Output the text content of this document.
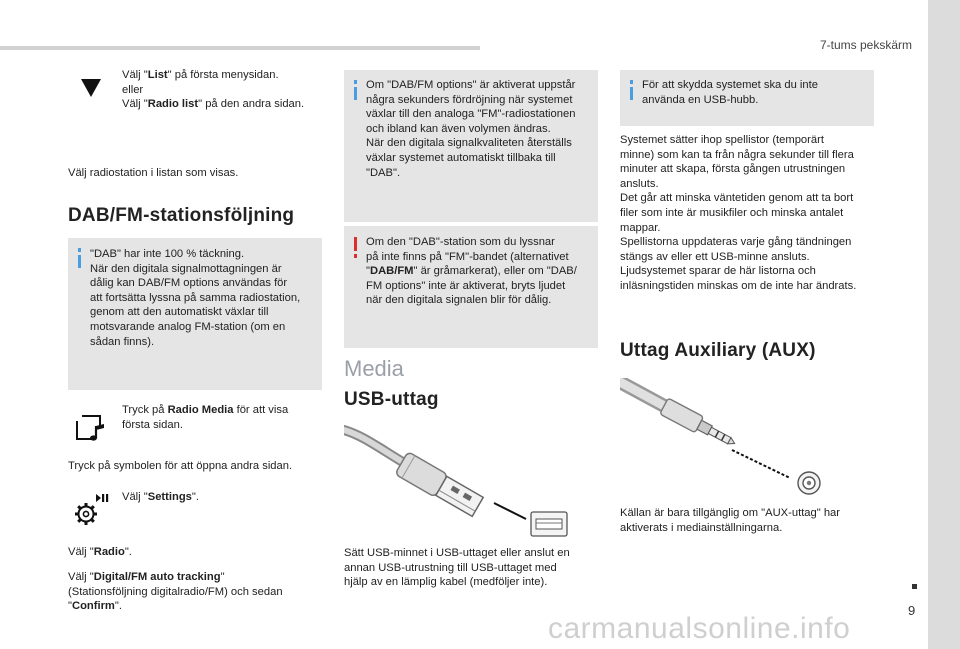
7-tums pekskärm
9
Välj "List" på första menysidan.
eller
Välj "Radio list" på den andra sidan.
Välj radiostation i listan som visas.
DAB/FM-stationsföljning
"DAB" har inte 100 % täckning.
När den digitala signalmottagningen är
dålig kan DAB/FM options användas för
att fortsätta lyssna på samma radiostation,
genom att den automatiskt växlar till
motsvarande analog FM-station (om en
sådan finns).
Tryck på Radio Media för att visa
första sidan.
Tryck på symbolen för att öppna andra sidan.
Välj "Settings".
Välj "Radio".
Välj "Digital/FM auto tracking"
(Stationsföljning digitalradio/FM) och sedan
"Confirm".
Om "DAB/FM options" är aktiverat uppstår
några sekunders fördröjning när systemet
växlar till den analoga "FM"-radiostationen
och ibland kan även volymen ändras.
När den digitala signalkvaliteten återställs
växlar systemet automatiskt tillbaka till
"DAB".
Om den "DAB"-station som du lyssnar
på inte finns på "FM"-bandet (alternativet
"DAB/FM" är gråmarkerat), eller om "DAB/
FM options" inte är aktiverat, bryts ljudet
när den digitala signalen blir för dålig.
Media
USB-uttag
Sätt USB-minnet i USB-uttaget eller anslut en
annan USB-utrustning till USB-uttaget med
hjälp av en lämplig kabel (medföljer inte).
För att skydda systemet ska du inte
använda en USB-hubb.
Systemet sätter ihop spellistor (temporärt
minne) som kan ta från några sekunder till flera
minuter att skapa, första gången utrustningen
ansluts.
Det går att minska väntetiden genom att ta bort
filer som inte är musikfiler och minska antalet
mappar.
Spellistorna uppdateras varje gång tändningen
stängs av eller ett USB-minne ansluts.
Ljudsystemet sparar de här listorna och
inläsningstiden minskas om de inte har ändrats.
Uttag Auxiliary (AUX)
Källan är bara tillgänglig om "AUX-uttag" har
aktiverats i mediainställningarna.
carmanualsonline.info
